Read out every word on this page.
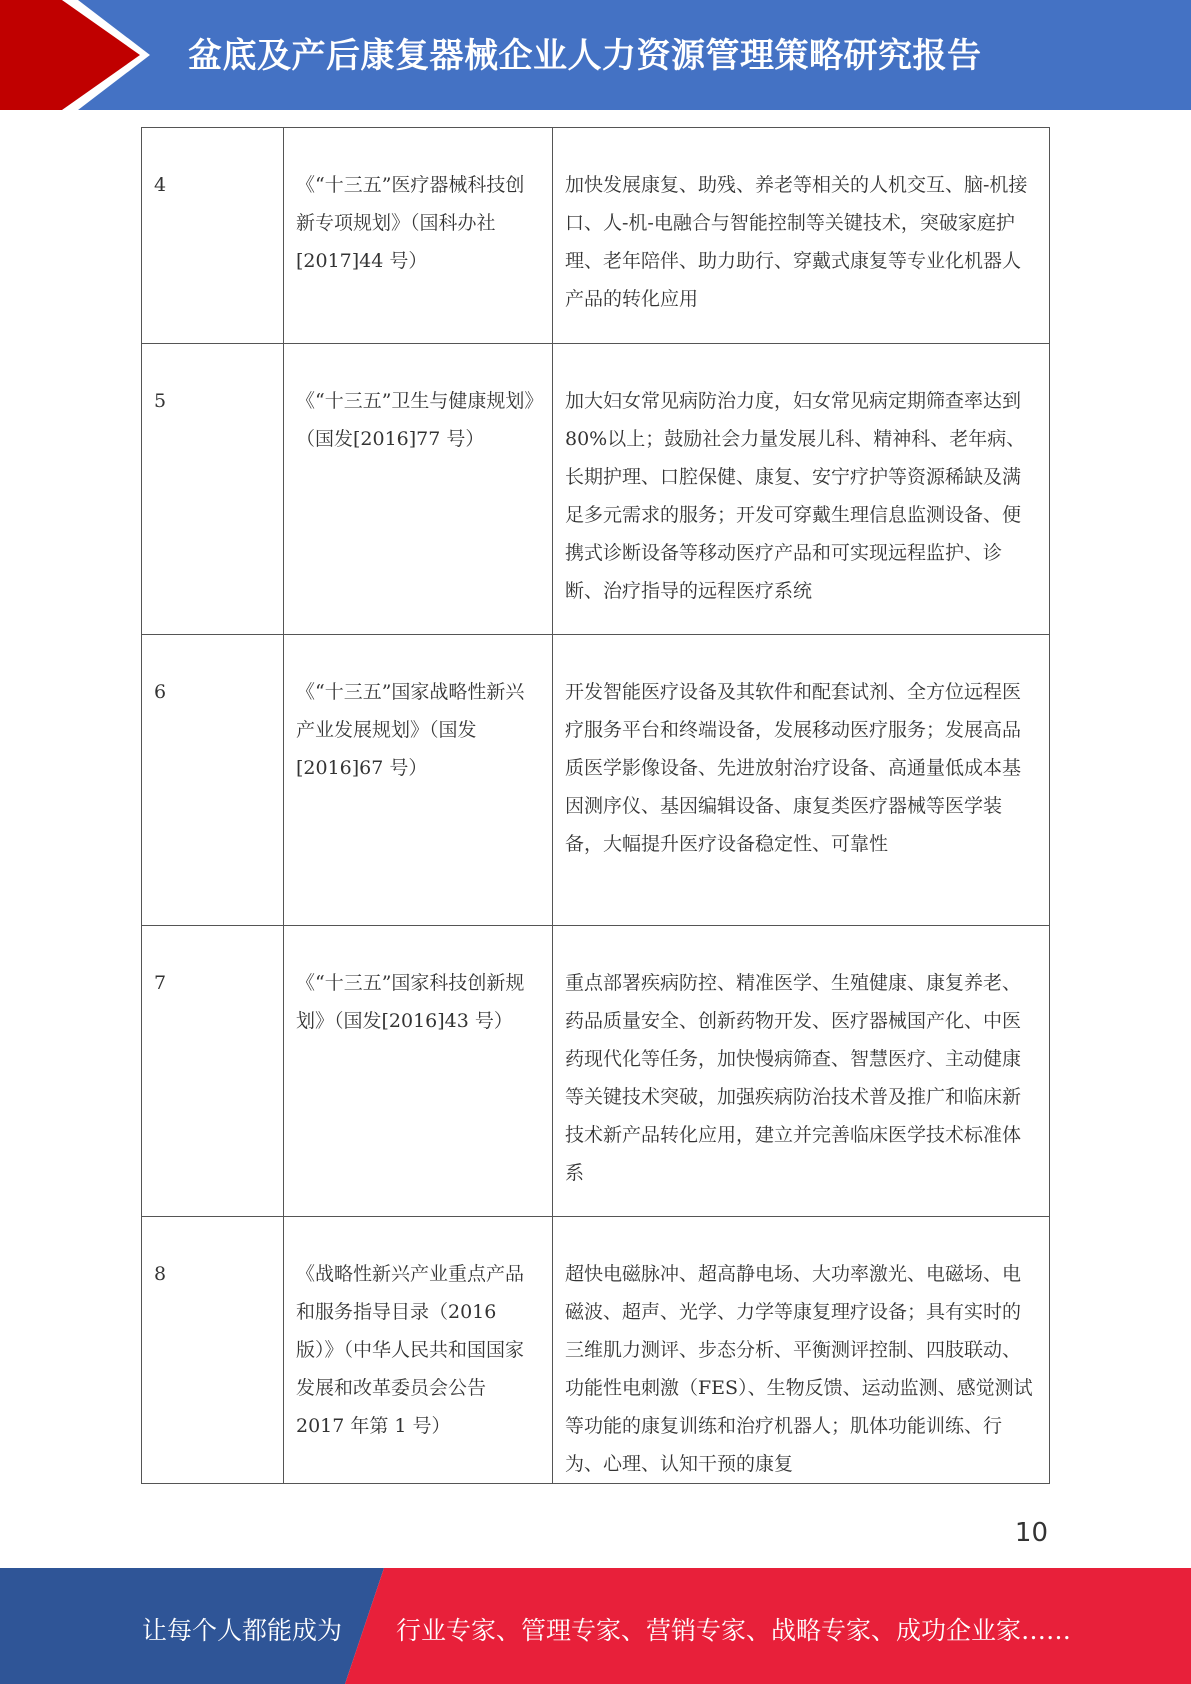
盆底及产后康复器械企业人力资源管理策略研究报告
4	《“十三五”医疗器械科技创新专项规划》（国科办社[2017]44 号）	加快发展康复、助残、养老等相关的人机交互、脑-机接口、人-机-电融合与智能控制等关键技术，突破家庭护理、老年陪伴、助力助行、穿戴式康复等专业化机器人产品的转化应用
5	《“十三五”卫生与健康规划》（国发[2016]77 号）	加大妇女常见病防治力度，妇女常见病定期筛查率达到 80%以上；鼓励社会力量发展儿科、精神科、老年病、长期护理、口腔保健、康复、安宁疗护等资源稀缺及满足多元需求的服务；开发可穿戴生理信息监测设备、便携式诊断设备等移动医疗产品和可实现远程监护、诊断、治疗指导的远程医疗系统
6	《“十三五”国家战略性新兴产业发展规划》（国发[2016]67 号）	开发智能医疗设备及其软件和配套试剂、全方位远程医疗服务平台和终端设备，发展移动医疗服务；发展高品质医学影像设备、先进放射治疗设备、高通量低成本基因测序仪、基因编辑设备、康复类医疗器械等医学装备，大幅提升医疗设备稳定性、可靠性
7	《“十三五”国家科技创新规划》（国发[2016]43 号）	重点部署疾病防控、精准医学、生殖健康、康复养老、药品质量安全、创新药物开发、医疗器械国产化、中医药现代化等任务，加快慢病筛查、智慧医疗、主动健康等关键技术突破，加强疾病防治技术普及推广和临床新技术新产品转化应用，建立并完善临床医学技术标准体系
8	《战略性新兴产业重点产品和服务指导目录（2016 版）》（中华人民共和国国家发展和改革委员会公告 2017 年第 1 号）	超快电磁脉冲、超高静电场、大功率激光、电磁场、电磁波、超声、光学、力学等康复理疗设备；具有实时的三维肌力测评、步态分析、平衡测评控制、四肢联动、功能性电刺激（FES）、生物反馈、运动监测、感觉测试等功能的康复训练和治疗机器人；肌体功能训练、行为、心理、认知干预的康复
10
让每个人都能成为 行业专家、管理专家、营销专家、战略专家、成功企业家……
